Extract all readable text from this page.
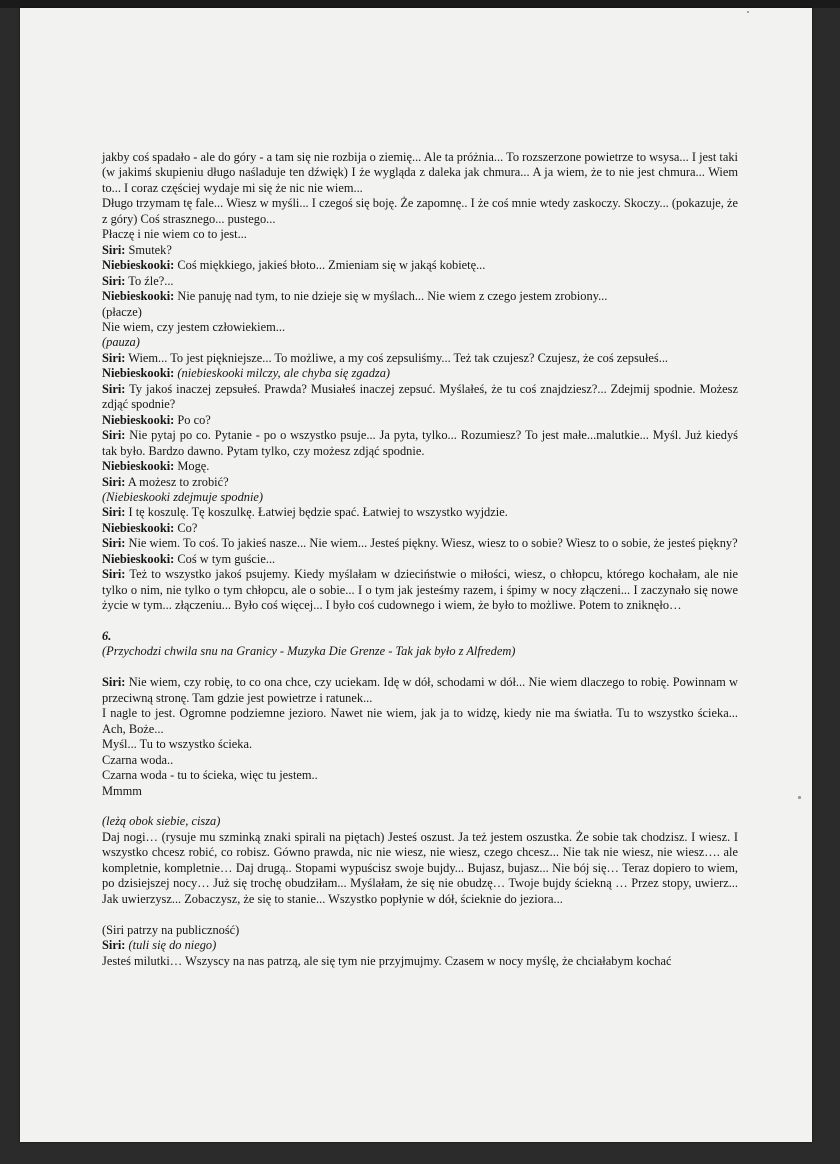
jakby coś spadało - ale do góry - a tam się nie rozbija o ziemię... Ale ta próżnia... To rozszerzone powietrze to wsysa... I jest taki (w jakimś skupieniu długo naśladuje ten dźwięk) I że wygląda z daleka jak chmura... A ja wiem, że to nie jest chmura... Wiem to... I coraz częściej wydaje mi się że nic nie wiem...

Długo trzymam tę fale... Wiesz w myśli... I czegoś się boję. Że zapomnę.. I że coś mnie wtedy zaskoczy. Skoczy... (pokazuje, że z góry) Coś strasznego... pustego...

Płaczę i nie wiem co to jest...

Siri: Smutek?

Niebieskooki: Coś miękkiego, jakieś błoto... Zmieniam się w jakąś kobietę...

Siri: To źle?...

Niebieskooki: Nie panuję nad tym, to nie dzieje się w myślach... Nie wiem z czego jestem zrobiony...

(płacze)

Nie wiem, czy jestem człowiekiem...

(pauza)

Siri: Wiem... To jest piękniejsze... To możliwe, a my coś zepsuliśmy... Też tak czujesz? Czujesz, że coś zepsułeś...

Niebieskooki: (niebieskooki milczy, ale chyba się zgadza)

Siri: Ty jakoś inaczej zepsułeś. Prawda? Musiałeś inaczej zepsuć. Myślałeś, że tu coś znajdziesz?... Zdejmij spodnie. Możesz zdjąć spodnie?

Niebieskooki: Po co?

Siri: Nie pytaj po co. Pytanie - po o wszystko psuje... Ja pyta, tylko... Rozumiesz? To jest małe...malutkie... Myśl. Już kiedyś tak było. Bardzo dawno. Pytam tylko, czy możesz zdjąć spodnie.

Niebieskooki: Mogę.

Siri: A możesz to zrobić?

(Niebieskooki zdejmuje spodnie)

Siri: I tę koszulę. Tę koszulkę. Łatwiej będzie spać. Łatwiej to wszystko wyjdzie.

Niebieskooki: Co?

Siri: Nie wiem. To coś. To jakieś nasze... Nie wiem... Jesteś piękny. Wiesz, wiesz to o sobie? Wiesz to o sobie, że jesteś piękny?

Niebieskooki: Coś w tym guście...

Siri: Też to wszystko jakoś psujemy. Kiedy myślałam w dzieciństwie o miłości, wiesz, o chłopcu, którego kochałam, ale nie tylko o nim, nie tylko o tym chłopcu, ale o sobie... I o tym jak jesteśmy razem, i śpimy w nocy złączeni... I zaczynało się nowe życie w tym... złączeniu... Było coś więcej... I było coś cudownego i wiem, że było to możliwe. Potem to zniknęło…

6.

(Przychodzi chwila snu na Granicy - Muzyka Die Grenze - Tak jak było z Alfredem)

Siri: Nie wiem, czy robię, to co ona chce, czy uciekam. Idę w dół, schodami w dół... Nie wiem dlaczego to robię. Powinnam w przeciwną stronę. Tam gdzie jest powietrze i ratunek...

I nagle to jest. Ogromne podziemne jezioro. Nawet nie wiem, jak ja to widzę, kiedy nie ma światła. Tu to wszystko ścieka... Ach, Boże...

Myśl... Tu to wszystko ścieka.

Czarna woda..

Czarna woda - tu to ścieka, więc tu jestem..

Mmmm

(leżą obok siebie, cisza)

Daj nogi… (rysuje mu szminką znaki spirali na piętach) Jesteś oszust. Ja też jestem oszustka. Że sobie tak chodzisz. I wiesz. I wszystko chcesz robić, co robisz. Gówno prawda, nic nie wiesz, nie wiesz, czego chcesz... Nie tak nie wiesz, nie wiesz…. ale kompletnie, kompletnie… Daj drugą.. Stopami wypuścisz swoje bujdy... Bujasz, bujasz... Nie bój się… Teraz dopiero to wiem, po dzisiejszej nocy… Już się trochę obudziłam... Myślałam, że się nie obudzę… Twoje bujdy ściekną … Przez stopy, uwierz... Jak uwierzysz... Zobaczysz, że się to stanie... Wszystko popłynie w dół, ścieknie do jeziora...

(Siri patrzy na publiczność)

Siri: (tuli się do niego)

Jesteś milutki… Wszyscy na nas patrzą, ale się tym nie przyjmujmy. Czasem w nocy myślę, że chciałabym kochać
